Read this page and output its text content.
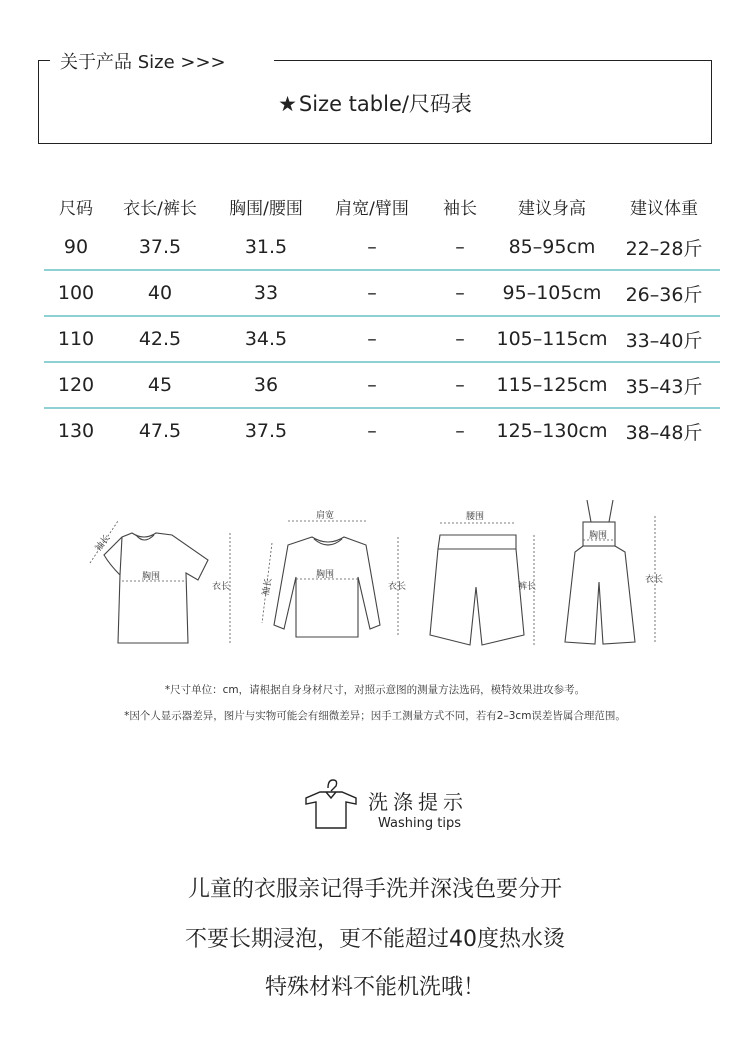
关于产品 Size >>>
★Size table/尺码表
尺码	衣长/裤长	胸围/腰围	肩宽/臂围	袖长	建议身高	建议体重
90	37.5	31.5	–	–	85–95cm	22–28斤
100	40	33	–	–	95–105cm	26–36斤
110	42.5	34.5	–	–	105–115cm 33–40斤
120	45	36	–	–	115–125cm 35–43斤
130	47.5	37.5	–	–	125–130cm 38–48斤
袖长
胸围
衣长
肩宽
袖长
胸围
衣长
腰围
裤长
胸围
衣长
*尺寸单位：cm，请根据自身身材尺寸，对照示意图的测量方法选码，模特效果进攻参考。
*因个人显示器差异，图片与实物可能会有细微差异；因手工测量方式不同，若有2–3cm误差皆属合理范围。
洗涤提示
Washing tips
儿童的衣服亲记得手洗并深浅色要分开
不要长期浸泡，更不能超过40度热水烫
特殊材料不能机洗哦！
